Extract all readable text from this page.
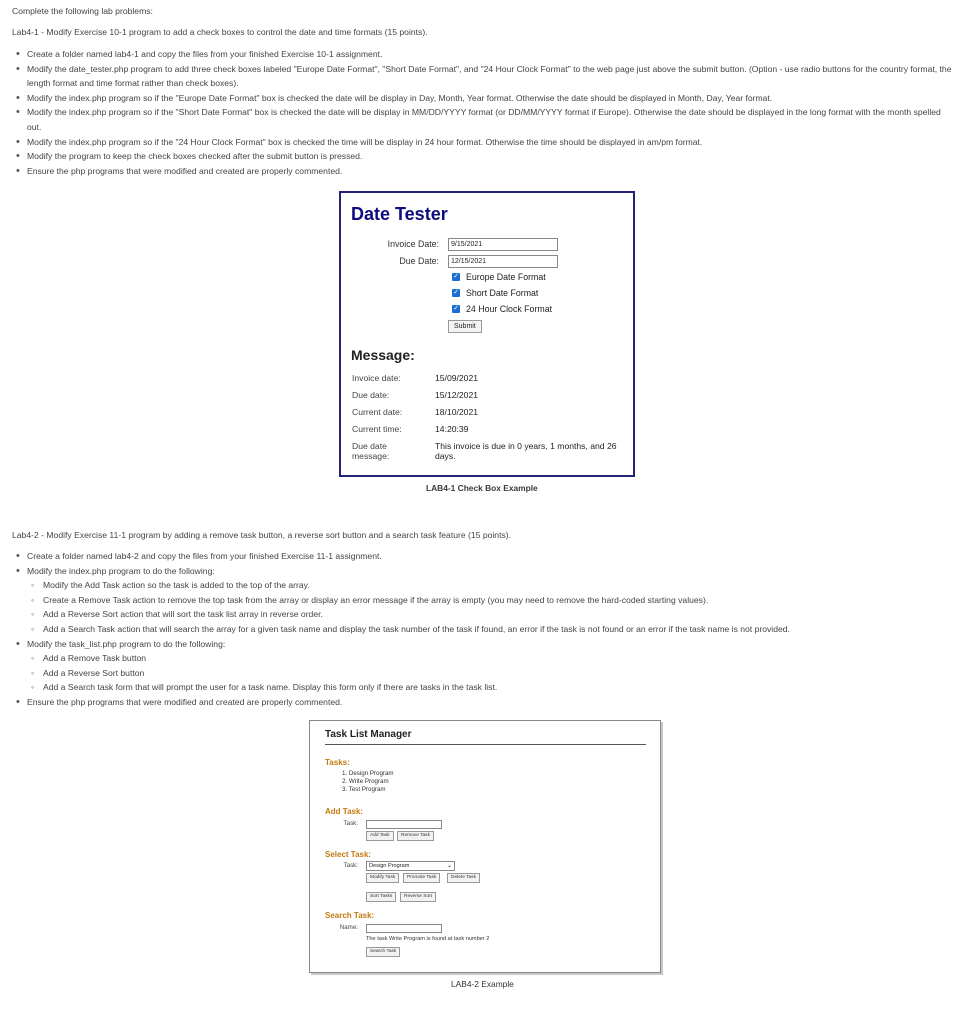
Complete the following lab problems:
Lab4-1 - Modify Exercise 10-1 program to add a check boxes to control the date and time formats (15 points).
• Create a folder named lab4-1 and copy the files from your finished Exercise 10-1 assignment.
• Modify the date_tester.php program to add three check boxes labeled "Europe Date Format", "Short Date Format", and "24 Hour Clock Format" to the web page just above the submit button. (Option - use radio buttons for the country format, the length format and time format rather than check boxes).
• Modify the index.php program so if the "Europe Date Format" box is checked the date will be display in Day, Month, Year format. Otherwise the date should be displayed in Month, Day, Year format.
• Modify the index.php program so if the "Short Date Format" box is checked the date will be display in MM/DD/YYYY format (or DD/MM/YYYY format if Europe). Otherwise the date should be displayed in the long format with the month spelled out.
• Modify the index.php program so if the "24 Hour Clock Format" box is checked the time will be display in 24 hour format. Otherwise the time should be displayed in am/pm format.
• Modify the program to keep the check boxes checked after the submit button is pressed.
• Ensure the php programs that were modified and created are properly commented.
Date Tester
Invoice Date:	9/15/2021
Due Date:	12/15/2021
✓ Europe Date Format
✓ Short Date Format
✓ 24 Hour Clock Format
Submit
Message:
Invoice date:	15/09/2021
Due date:	15/12/2021
Current date:	18/10/2021
Current time:	14:20:39
Due date message:
This invoice is due in 0 years, 1 months, and 26 days.
LAB4-1 Check Box Example
Lab4-2 - Modify Exercise 11-1 program by adding a remove task button, a reverse sort button and a search task feature (15 points).
• Create a folder named lab4-2 and copy the files from your finished Exercise 11-1 assignment.
• Modify the index.php program to do the following:
◦ Modify the Add Task action so the task is added to the top of the array.
◦ Create a Remove Task action to remove the top task from the array or display an error message if the array is empty (you may need to remove the hard-coded starting values).
◦ Add a Reverse Sort action that will sort the task list array in reverse order.
◦ Add a Search Task action that will search the array for a given task name and display the task number of the task if found, an error if the task is not found or an error if the task name is not provided.
• Modify the task_list.php program to do the following:
◦ Add a Remove Task button
◦ Add a Reverse Sort button
◦ Add a Search task form that will prompt the user for a task name. Display this form only if there are tasks in the task list.
• Ensure the php programs that were modified and created are properly commented.
Task List Manager
Tasks:
1. Design Program
2. Write Program
3. Test Program
Add Task:
Task:
Add Task	Remove Task
Select Task:
Task:	Design Program	⌄
Modify Task	Promote Task	Delete Task
Sort Tasks	Reverse Sort
Search Task:
Name:
The task Write Program is found at task number 2
Search Task
LAB4-2 Example
